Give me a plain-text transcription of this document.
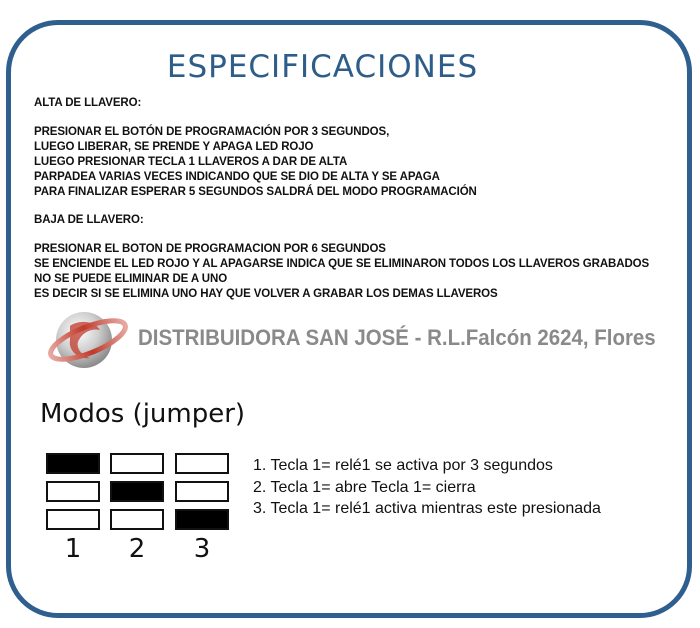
ESPECIFICACIONES
ALTA DE LLAVERO:
PRESIONAR EL BOTÓN DE PROGRAMACIÓN POR 3 SEGUNDOS,
LUEGO LIBERAR, SE PRENDE Y APAGA LED ROJO
LUEGO PRESIONAR TECLA 1 LLAVEROS A DAR DE ALTA
PARPADEA VARIAS VECES INDICANDO QUE SE DIO DE ALTA Y SE APAGA
PARA FINALIZAR ESPERAR 5 SEGUNDOS SALDRÁ DEL MODO PROGRAMACIÓN
BAJA DE LLAVERO:
PRESIONAR EL BOTON DE PROGRAMACION POR 6 SEGUNDOS
SE ENCIENDE EL LED ROJO Y AL APAGARSE INDICA QUE SE ELIMINARON TODOS LOS LLAVEROS GRABADOS
NO SE PUEDE ELIMINAR DE A UNO
ES DECIR SI SE ELIMINA UNO HAY QUE VOLVER A GRABAR LOS DEMAS LLAVEROS
DISTRIBUIDORA SAN JOSÉ - R.L.Falcón 2624, Flores
Modos (jumper)
1	2	3
1. Tecla 1= relé1 se activa por 3 segundos
2. Tecla 1= abre Tecla 1= cierra
3. Tecla 1= relé1 activa mientras este presionada
